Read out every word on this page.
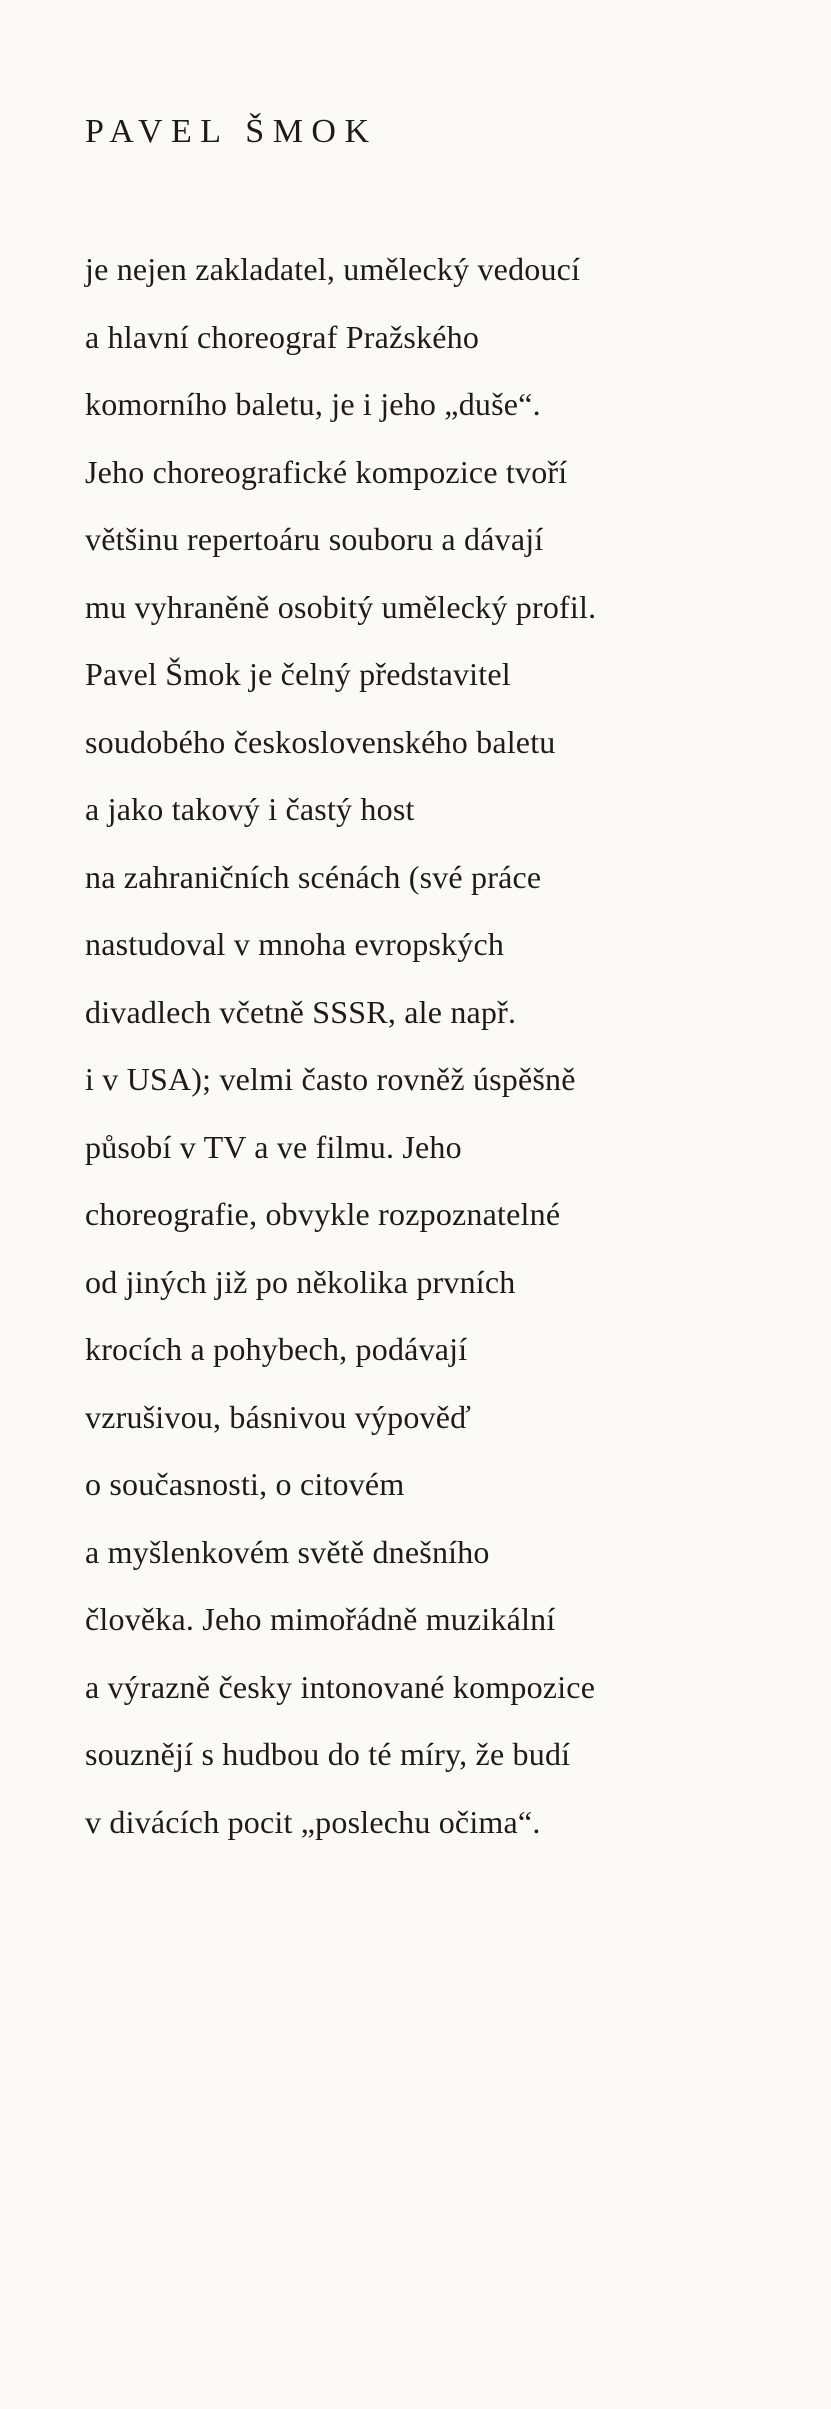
PAVEL ŠMOK
je nejen zakladatel, umělecký vedoucí
a hlavní choreograf Pražského
komorního baletu, je i jeho „duše“.
Jeho choreografické kompozice tvoří
většinu repertoáru souboru a dávají
mu vyhraněně osobitý umělecký profil.
Pavel Šmok je čelný představitel
soudobého československého baletu
a jako takový i častý host
na zahraničních scénách (své práce
nastudoval v mnoha evropských
divadlech včetně SSSR, ale např.
i v USA); velmi často rovněž úspěšně
působí v TV a ve filmu. Jeho
choreografie, obvykle rozpoznatelné
od jiných již po několika prvních
krocích a pohybech, podávají
vzrušivou, básnivou výpověď
o současnosti, o citovém
a myšlenkovém světě dnešního
člověka. Jeho mimořádně muzikální
a výrazně česky intonované kompozice
souznějí s hudbou do té míry, že budí
v divácích pocit „poslechu očima“.
